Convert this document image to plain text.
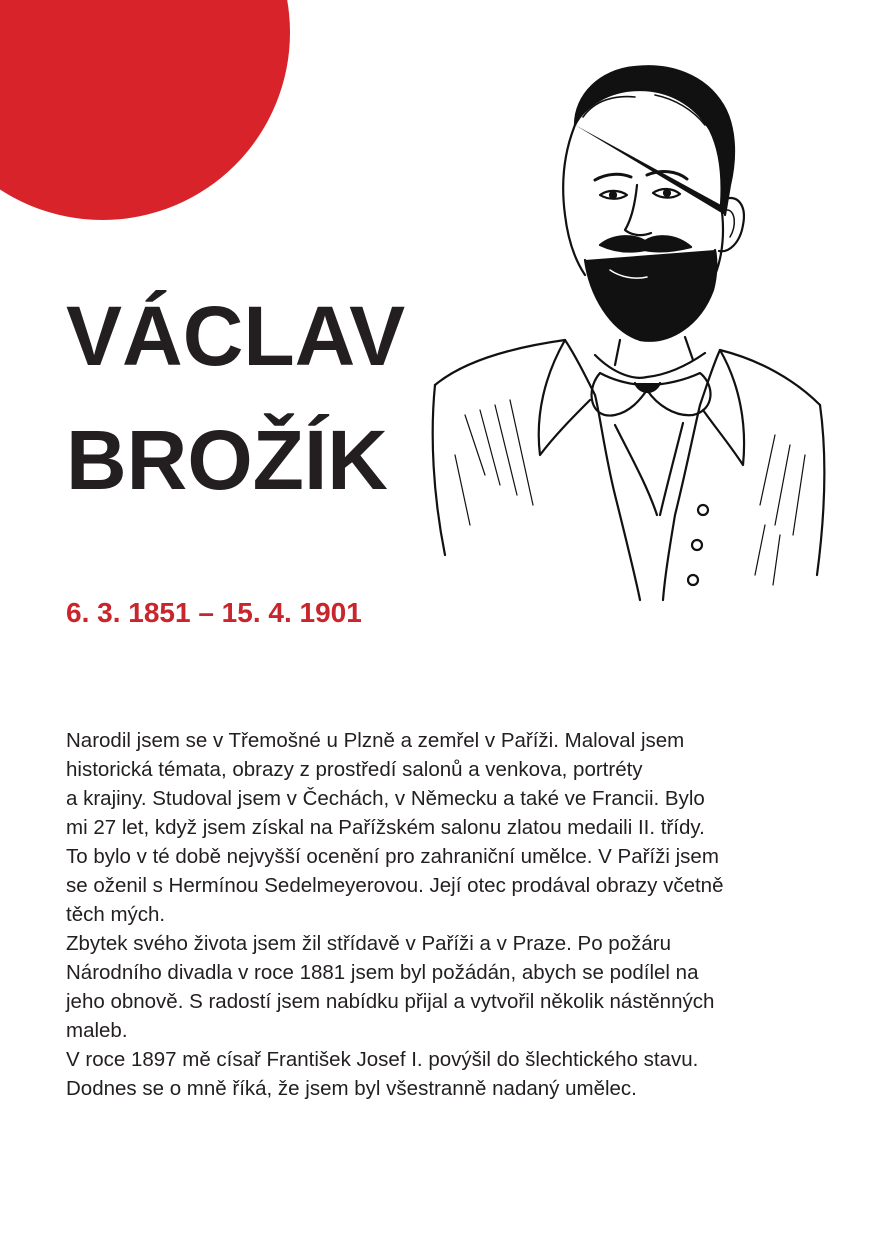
VÁCLAV
BROŽÍK
6. 3. 1851 – 15. 4. 1901
Narodil jsem se v Třemošné u Plzně a zemřel v Paříži. Maloval jsem
historická témata, obrazy z prostředí salonů a venkova, portréty
a krajiny. Studoval jsem v Čechách, v Německu a také ve Francii. Bylo
mi 27 let, když jsem získal na Pařížském salonu zlatou medaili II. třídy.
To bylo v té době nejvyšší ocenění pro zahraniční umělce. V Paříži jsem
se oženil s Hermínou Sedelmeyerovou. Její otec prodával obrazy včetně
těch mých.
Zbytek svého života jsem žil střídavě v Paříži a v Praze. Po požáru
Národního divadla v roce 1881 jsem byl požádán, abych se podílel na
jeho obnově. S radostí jsem nabídku přijal a vytvořil několik nástěnných
maleb.
V roce 1897 mě císař František Josef I. povýšil do šlechtického stavu.
Dodnes se o mně říká, že jsem byl všestranně nadaný umělec.
